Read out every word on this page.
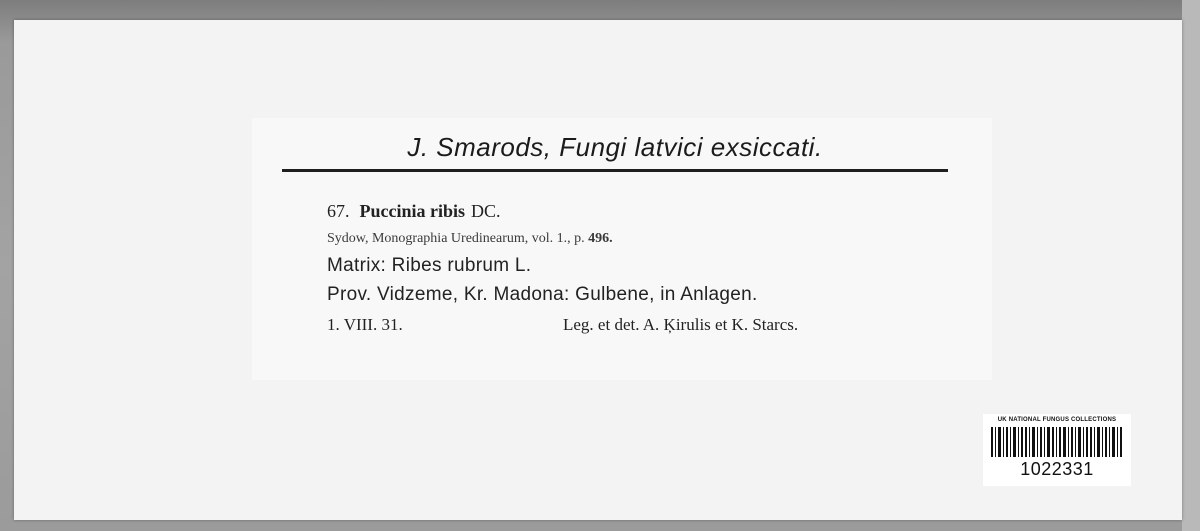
J. Smarods, Fungi latvici exsiccati.
67. Puccinia ribis DC.
Sydow, Monographia Uredinearum, vol. 1., p. 496.
Matrix: Ribes rubrum L.
Prov. Vidzeme, Kr. Madona: Gulbene, in Anlagen.
1. VIII. 31.	Leg. et det. A. Ķirulis et K. Starcs.
UK NATIONAL FUNGUS COLLECTIONS
1022331
